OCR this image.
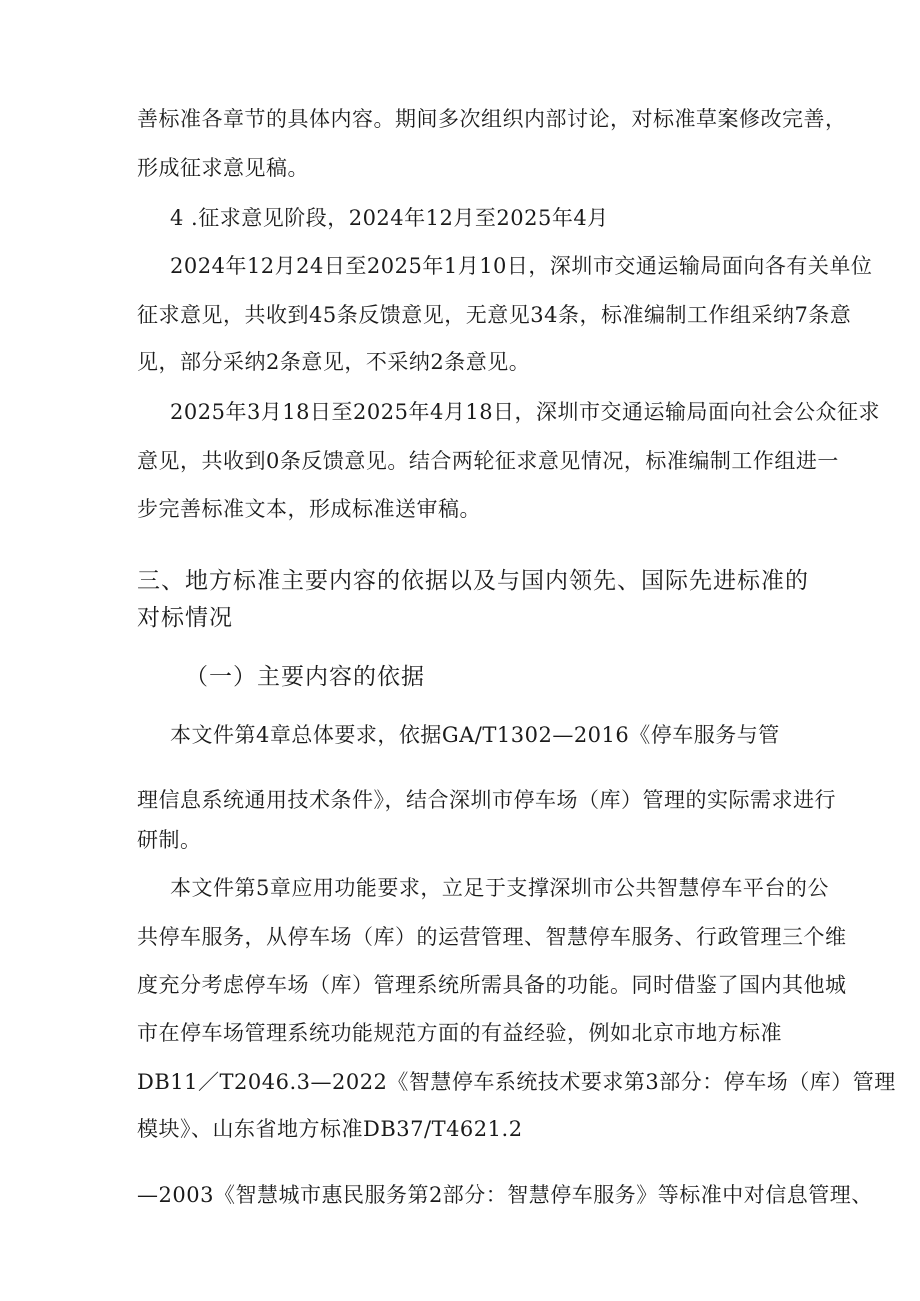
善标准各章节的具体内容。期间多次组织内部讨论，对标准草案修改完善，
形成征求意见稿。
4 .征求意见阶段，2024年12月至2025年4月
2024年12月24日至2025年1月10日，深圳市交通运输局面向各有关单位
征求意见，共收到45条反馈意见，无意见34条，标准编制工作组采纳7条意
见，部分采纳2条意见，不采纳2条意见。
2025年3月18日至2025年4月18日，深圳市交通运输局面向社会公众征求
意见，共收到0条反馈意见。结合两轮征求意见情况，标准编制工作组进一
步完善标准文本，形成标准送审稿。
三、地方标准主要内容的依据以及与国内领先、国际先进标准的
对标情况
（一）主要内容的依据
本文件第4章总体要求，依据GA/T1302—2016《停车服务与管
理信息系统通用技术条件》，结合深圳市停车场（库）管理的实际需求进行
研制。
本文件第5章应用功能要求，立足于支撑深圳市公共智慧停车平台的公
共停车服务，从停车场（库）的运营管理、智慧停车服务、行政管理三个维
度充分考虑停车场（库）管理系统所需具备的功能。同时借鉴了国内其他城
市在停车场管理系统功能规范方面的有益经验，例如北京市地方标准
DB11／T2046.3—2022《智慧停车系统技术要求第3部分：停车场（库）管理
模块》、山东省地方标准DB37/T4621.2
—2003《智慧城市惠民服务第2部分：智慧停车服务》等标准中对信息管理、
